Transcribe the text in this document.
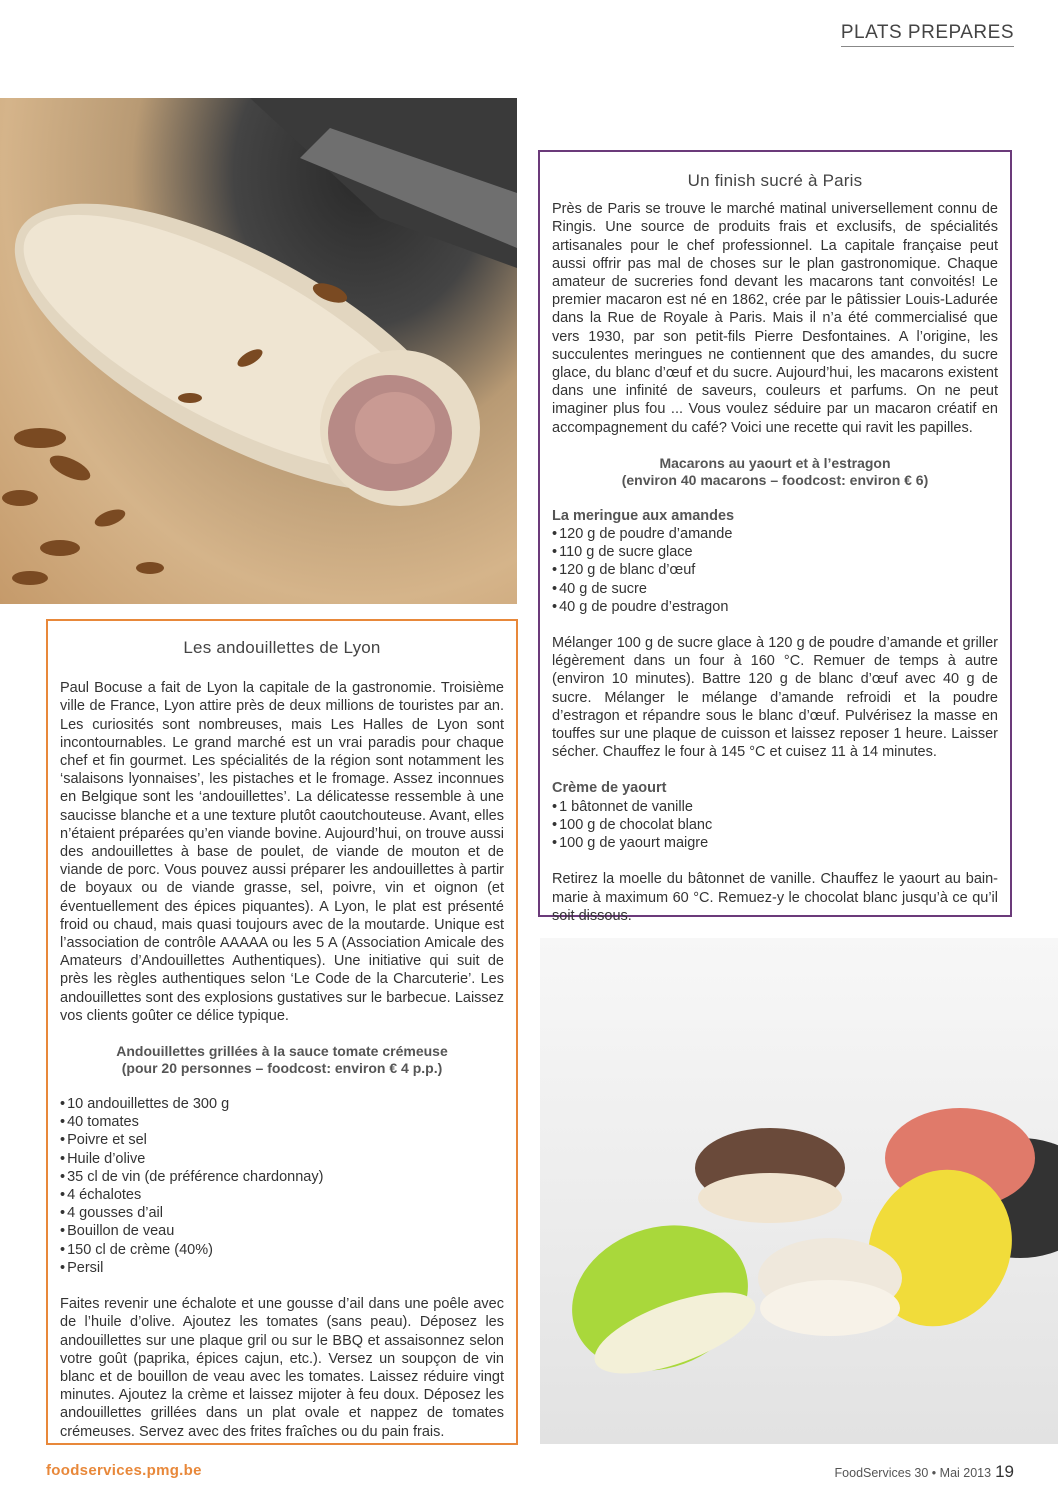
PLATS PREPARES
Les andouillettes de Lyon

Paul Bocuse a fait de Lyon la capitale de la gastronomie. Troisième ville de France, Lyon attire près de deux millions de touristes par an. Les curiosités sont nombreuses, mais Les Halles de Lyon sont incontournables. Le grand marché est un vrai paradis pour chaque chef et fin gourmet. Les spécialités de la région sont notamment les ‘salaisons lyonnaises’, les pistaches et le fromage. Assez inconnues en Belgique sont les ‘andouillettes’. La délicatesse ressemble à une saucisse blanche et a une texture plutôt caoutchouteuse. Avant, elles n’étaient préparées qu’en viande bovine. Aujourd’hui, on trouve aussi des andouillettes à base de poulet, de viande de mouton et de viande de porc. Vous pouvez aussi préparer les andouillettes à partir de boyaux ou de viande grasse, sel, poivre, vin et oignon (et éventuellement des épices piquantes). A Lyon, le plat est présenté froid ou chaud, mais quasi toujours avec de la moutarde. Unique est l’association de contrôle AAAAA ou les 5 A (Association Amicale des Amateurs d’Andouillettes Authentiques). Une initiative qui suit de près les règles authentiques selon ‘Le Code de la Charcuterie’. Les andouillettes sont des explosions gustatives sur le barbecue. Laissez vos clients goûter ce délice typique.

Andouillettes grillées à la sauce tomate crémeuse
(pour 20 personnes – foodcost: environ € 4 p.p.)
• 10 andouillettes de 300 g
• 40 tomates
• Poivre et sel
• Huile d’olive
• 35 cl de vin (de préférence chardonnay)
• 4 échalotes
• 4 gousses d’ail
• Bouillon de veau
• 150 cl de crème (40%)
• Persil

Faites revenir une échalote et une gousse d’ail dans une poêle avec de l’huile d’olive. Ajoutez les tomates (sans peau). Déposez les andouillettes sur une plaque gril ou sur le BBQ et assaisonnez selon votre goût (paprika, épices cajun, etc.). Versez un soupçon de vin blanc et de bouillon de veau avec les tomates. Laissez réduire vingt minutes. Ajoutez la crème et laissez mijoter à feu doux. Déposez les andouillettes grillées dans un plat ovale et nappez de tomates crémeuses. Servez avec des frites fraîches ou du pain frais.

Un finish sucré à Paris

Près de Paris se trouve le marché matinal universellement connu de Ringis. Une source de produits frais et exclusifs, de spécialités artisanales pour le chef professionnel. La capitale française peut aussi offrir pas mal de choses sur le plan gastronomique. Chaque amateur de sucreries fond devant les macarons tant convoités! Le premier macaron est né en 1862, crée par le pâtissier Louis-Ladurée dans la Rue de Royale à Paris. Mais il n’a été commercialisé que vers 1930, par son petit-fils Pierre Desfontaines. A l’origine, les succulentes meringues ne contiennent que des amandes, du sucre glace, du blanc d’œuf et du sucre. Aujourd’hui, les macarons existent dans une infinité de saveurs, couleurs et parfums. On ne peut imaginer plus fou ... Vous voulez séduire par un macaron créatif en accompagnement du café? Voici une recette qui ravit les papilles.

Macarons au yaourt et à l’estragon
(environ 40 macarons – foodcost: environ € 6)
La meringue aux amandes
• 120 g de poudre d’amande
• 110 g de sucre glace
• 120 g de blanc d’œuf
• 40 g de sucre
• 40 g de poudre d’estragon

Mélanger 100 g de sucre glace à 120 g de poudre d’amande et griller légèrement dans un four à 160 °C. Remuer de temps à autre (environ 10 minutes). Battre 120 g de blanc d’œuf avec 40 g de sucre. Mélanger le mélange d’amande refroidi et la poudre d’estragon et répandre sous le blanc d’œuf. Pulvérisez la masse en touffes sur une plaque de cuisson et laissez reposer 1 heure. Laisser sécher. Chauffez le four à 145 °C et cuisez 11 à 14 minutes.

Crème de yaourt
• 1 bâtonnet de vanille
• 100 g de chocolat blanc
• 100 g de yaourt maigre

Retirez la moelle du bâtonnet de vanille. Chauffez le yaourt au bain-marie à maximum 60 °C. Remuez-y le chocolat blanc jusqu’à ce qu’il soit dissous.

foodservices.pmg.be	FoodServices 30 • Mai 2013 19
